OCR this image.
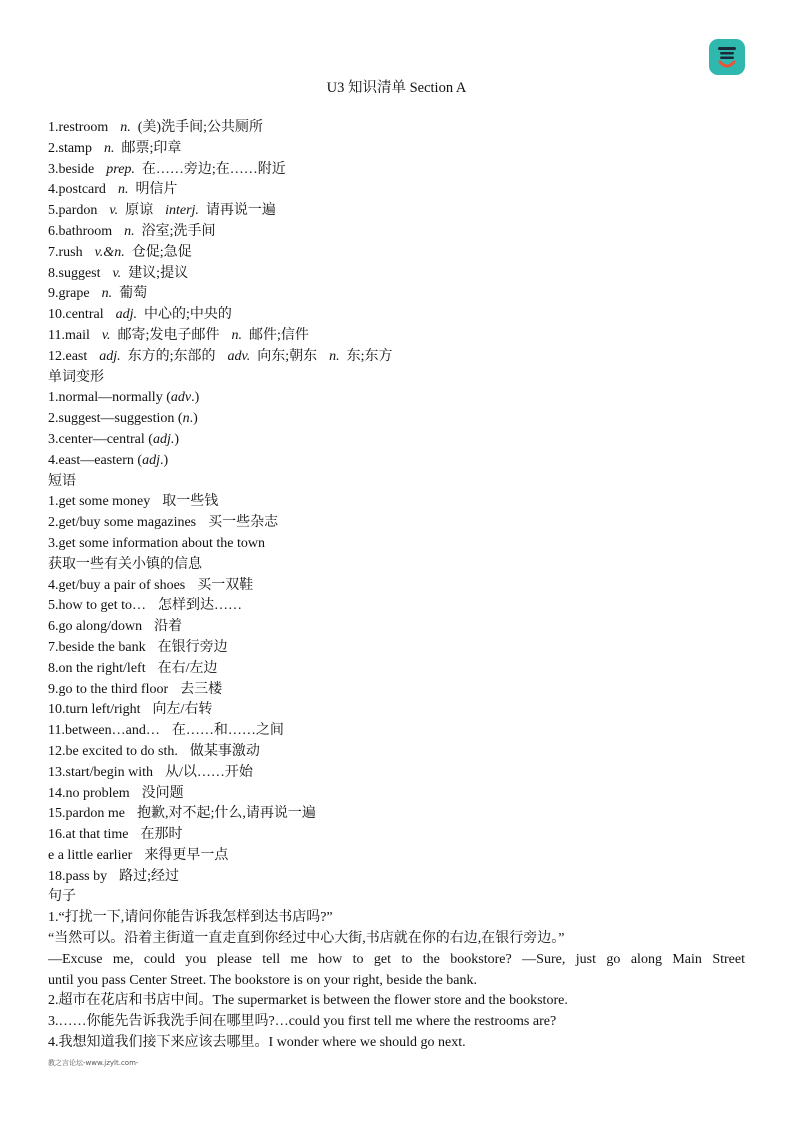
U3 知识清单 Section A
1.restroom n. (美)洗手间;公共厕所
2.stamp n. 邮票;印章
3.beside prep. 在……旁边;在……附近
4.postcard n. 明信片
5.pardon v. 原谅 interj. 请再说一遍
6.bathroom n. 浴室;洗手间
7.rush v.&n. 仓促;急促
8.suggest v. 建议;提议
9.grape n. 葡萄
10.central adj. 中心的;中央的
11.mail v. 邮寄;发电子邮件 n. 邮件;信件
12.east adj. 东方的;东部的 adv. 向东;朝东 n. 东;东方
单词变形
1.normal—normally (adv.)
2.suggest—suggestion (n.)
3.center—central (adj.)
4.east—eastern (adj.)
短语
1.get some money 取一些钱
2.get/buy some magazines 买一些杂志
3.get some information about the town
获取一些有关小镇的信息
4.get/buy a pair of shoes 买一双鞋
5.how to get to… 怎样到达……
6.go along/down 沿着
7.beside the bank 在银行旁边
8.on the right/left 在右/左边
9.go to the third floor 去三楼
10.turn left/right 向左/右转
11.between…and… 在……和……之间
12.be excited to do sth. 做某事激动
13.start/begin with 从/以……开始
14.no problem 没问题
15.pardon me 抱歉,对不起;什么,请再说一遍
16.at that time 在那时
e a little earlier 来得更早一点
18.pass by 路过;经过
句子
1.“打扰一下,请问你能告诉我怎样到达书店吗?”
“当然可以。沿着主街道一直走直到你经过中心大街,书店就在你的右边,在银行旁边。”
—Excuse me, could you please tell me how to get to the bookstore? —Sure, just go along Main Street
until you pass Center Street. The bookstore is on your right, beside the bank.
2.超市在花店和书店中间。The supermarket is between the flower store and the bookstore.
3.……你能先告诉我洗手间在哪里吗?…could you first tell me where the restrooms are?
4.我想知道我们接下来应该去哪里。I wonder where we should go next.
教之言论坛-www.jzylt.com-
